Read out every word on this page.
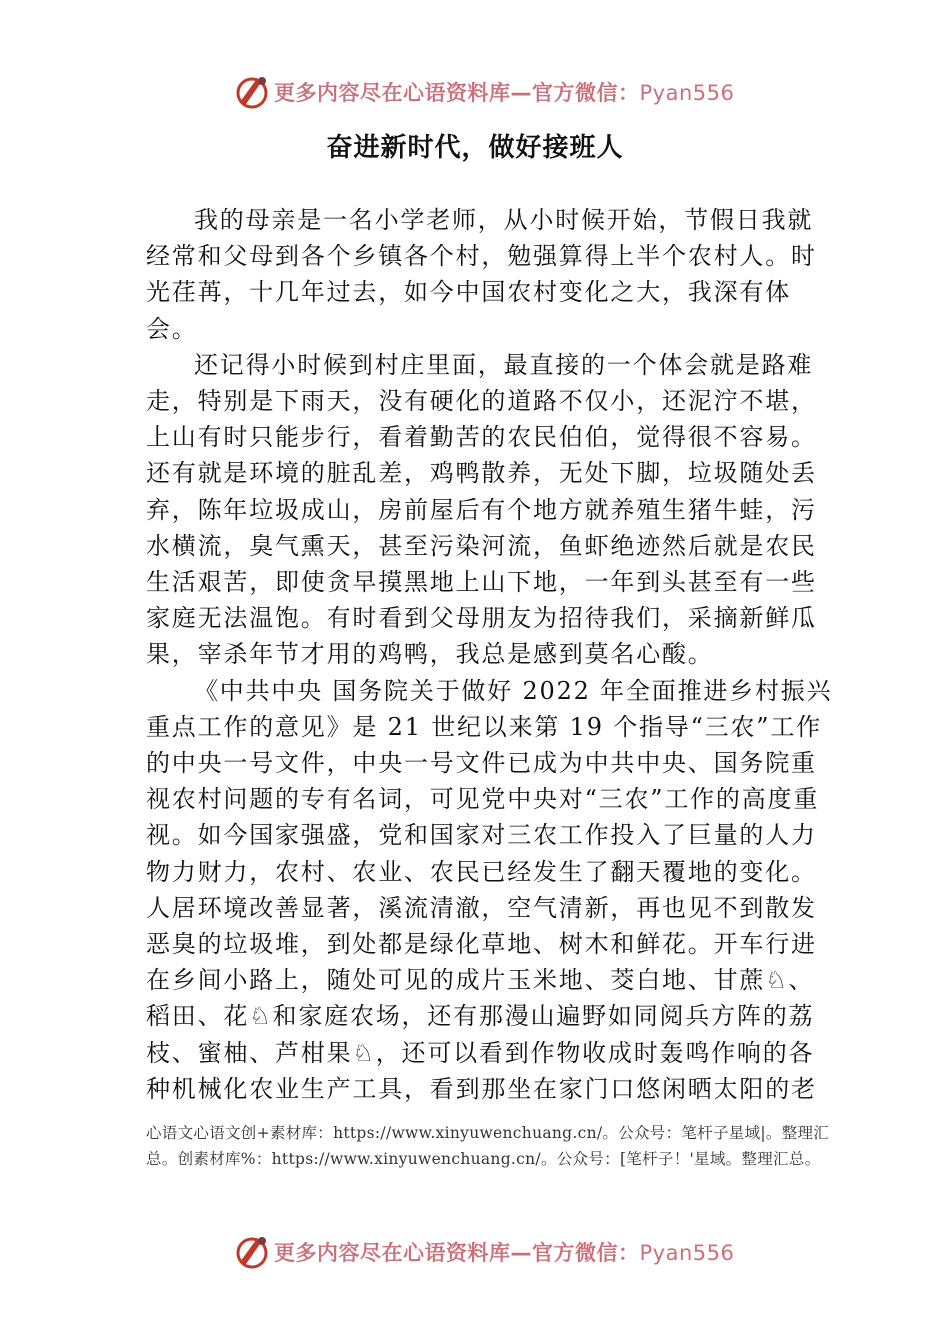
更多内容尽在心语资料库—官方微信：Pyan556
奋进新时代，做好接班人

我的母亲是一名小学老师，从小时候开始，节假日我就经常和父母到各个乡镇各个村，勉强算得上半个农村人。时光荏苒，十几年过去，如今中国农村变化之大，我深有体会。

还记得小时候到村庄里面，最直接的一个体会就是路难走，特别是下雨天，没有硬化的道路不仅小，还泥泞不堪， 上山有时只能步行，看着勤苦的农民伯伯，觉得很不容易。还有就是环境的脏乱差，鸡鸭散养，无处下脚，垃圾随处丢弃，陈年垃圾成山，房前屋后有个地方就养殖生猪牛蛙，污水横流，臭气熏天，甚至污染河流，鱼虾绝迹然后就是农民生活艰苦，即使贪早摸黑地上山下地，一年到头甚至有一些家庭无法温饱。有时看到父母朋友为招待我们，采摘新鲜瓜果，宰杀年节才用的鸡鸭，我总是感到莫名心酸。

《中共中央 国务院关于做好 2022 年全面推进乡村振兴重点工作的意见》是 21 世纪以来第 19 个指导“三农”工作的中央一号文件，中央一号文件已成为中共中央、国务院重视农村问题的专有名词，可见党中央对“三农”工作的高度重视。如今国家强盛，党和国家对三农工作投入了巨量的人力物力财力，农村、农业、农民已经发生了翻天覆地的变化。人居环境改善显著，溪流清澈，空气清新，再也见不到散发恶臭的垃圾堆，到处都是绿化草地、树木和鲜花。开车行进在乡间小路上，随处可见的成片玉米地、茭白地、甘蔗♘、稻田、花♘和家庭农场，还有那漫山遍野如同阅兵方阵的荔枝、蜜柚、芦柑果♘，还可以看到作物收成时轰鸣作响的各种机械化农业生产工具，看到那坐在家门口悠闲晒太阳的老

心语文心语文创+素材库：https://www.xinyuwenchuang.cn/。公众号：笔杆子星域|。整理汇总。创素材库%：https://www.xinyuwenchuang.cn/。公众号：[笔杆子！'星域。整理汇总。
更多内容尽在心语资料库—官方微信：Pyan556
